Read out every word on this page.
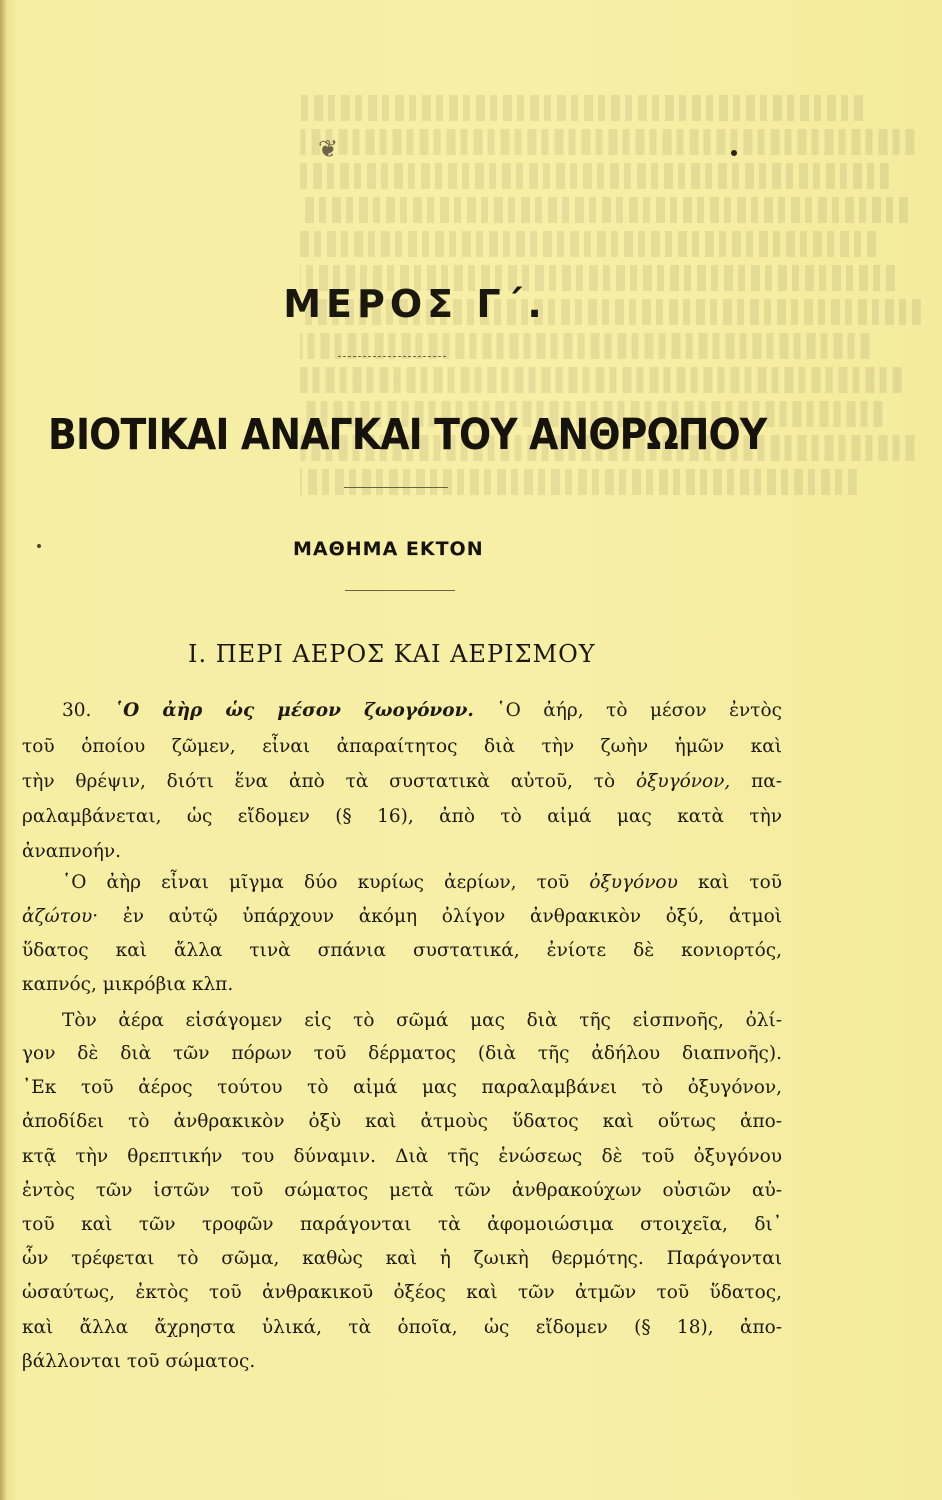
❦
ΜΕΡΟΣ Γ΄.
ΒΙΟΤΙΚΑΙ ΑΝΑΓΚΑΙ ΤΟΥ ΑΝΘΡΩΠΟΥ
ΜΑΘΗΜΑ ΕΚΤΟΝ
I. ΠΕΡΙ ΑΕΡΟΣ ΚΑΙ ΑΕΡΙΣΜΟΥ
30. ῾Ο ἀὴρ ὡς μέσον ζωογόνον. ῾Ο ἀήρ, τὸ μέσον ἐντὸς
τοῦ ὁποίου ζῶμεν, εἶναι ἀπαραίτητος διὰ τὴν ζωὴν ἡμῶν καὶ
τὴν θρέψιν, διότι ἕνα ἀπὸ τὰ συστατικὰ αὐτοῦ, τὸ ὀξυγόνον, πα-
ραλαμβάνεται, ὡς εἴδομεν (§ 16), ἀπὸ τὸ αἰμά μας κατὰ τὴν
ἀναπνοήν.
῾Ο ἀὴρ εἶναι μῖγμα δύο κυρίως ἀερίων, τοῦ ὀξυγόνου καὶ τοῦ
ἀζώτου· ἐν αὐτῷ ὑπάρχουν ἀκόμη ὀλίγον ἀνθρακικὸν ὀξύ, ἀτμοὶ
ὕδατος καὶ ἄλλα τινὰ σπάνια συστατικά, ἐνίοτε δὲ κονιορτός,
καπνός, μικρόβια κλπ.
Τὸν ἀέρα εἰσάγομεν εἰς τὸ σῶμά μας διὰ τῆς εἰσπνοῆς, ὀλί-
γον δὲ διὰ τῶν πόρων τοῦ δέρματος (διὰ τῆς ἀδήλου διαπνοῆς).
᾿Εκ τοῦ ἀέρος τούτου τὸ αἰμά μας παραλαμβάνει τὸ ὀξυγόνον,
ἀποδίδει τὸ ἀνθρακικὸν ὀξὺ καὶ ἀτμοὺς ὕδατος καὶ οὕτως ἀπο-
κτᾷ τὴν θρεπτικήν του δύναμιν. Διὰ τῆς ἑνώσεως δὲ τοῦ ὀξυγόνου
ἐντὸς τῶν ἱστῶν τοῦ σώματος μετὰ τῶν ἀνθρακούχων οὐσιῶν αὐ-
τοῦ καὶ τῶν τροφῶν παράγονται τὰ ἀφομοιώσιμα στοιχεῖα, δι᾿
ὧν τρέφεται τὸ σῶμα, καθὼς καὶ ἡ ζωικὴ θερμότης. Παράγονται
ὡσαύτως, ἐκτὸς τοῦ ἀνθρακικοῦ ὀξέος καὶ τῶν ἀτμῶν τοῦ ὕδατος,
καὶ ἄλλα ἄχρηστα ὑλικά, τὰ ὁποῖα, ὡς εἴδομεν (§ 18), ἀπο-
βάλλονται τοῦ σώματος.
